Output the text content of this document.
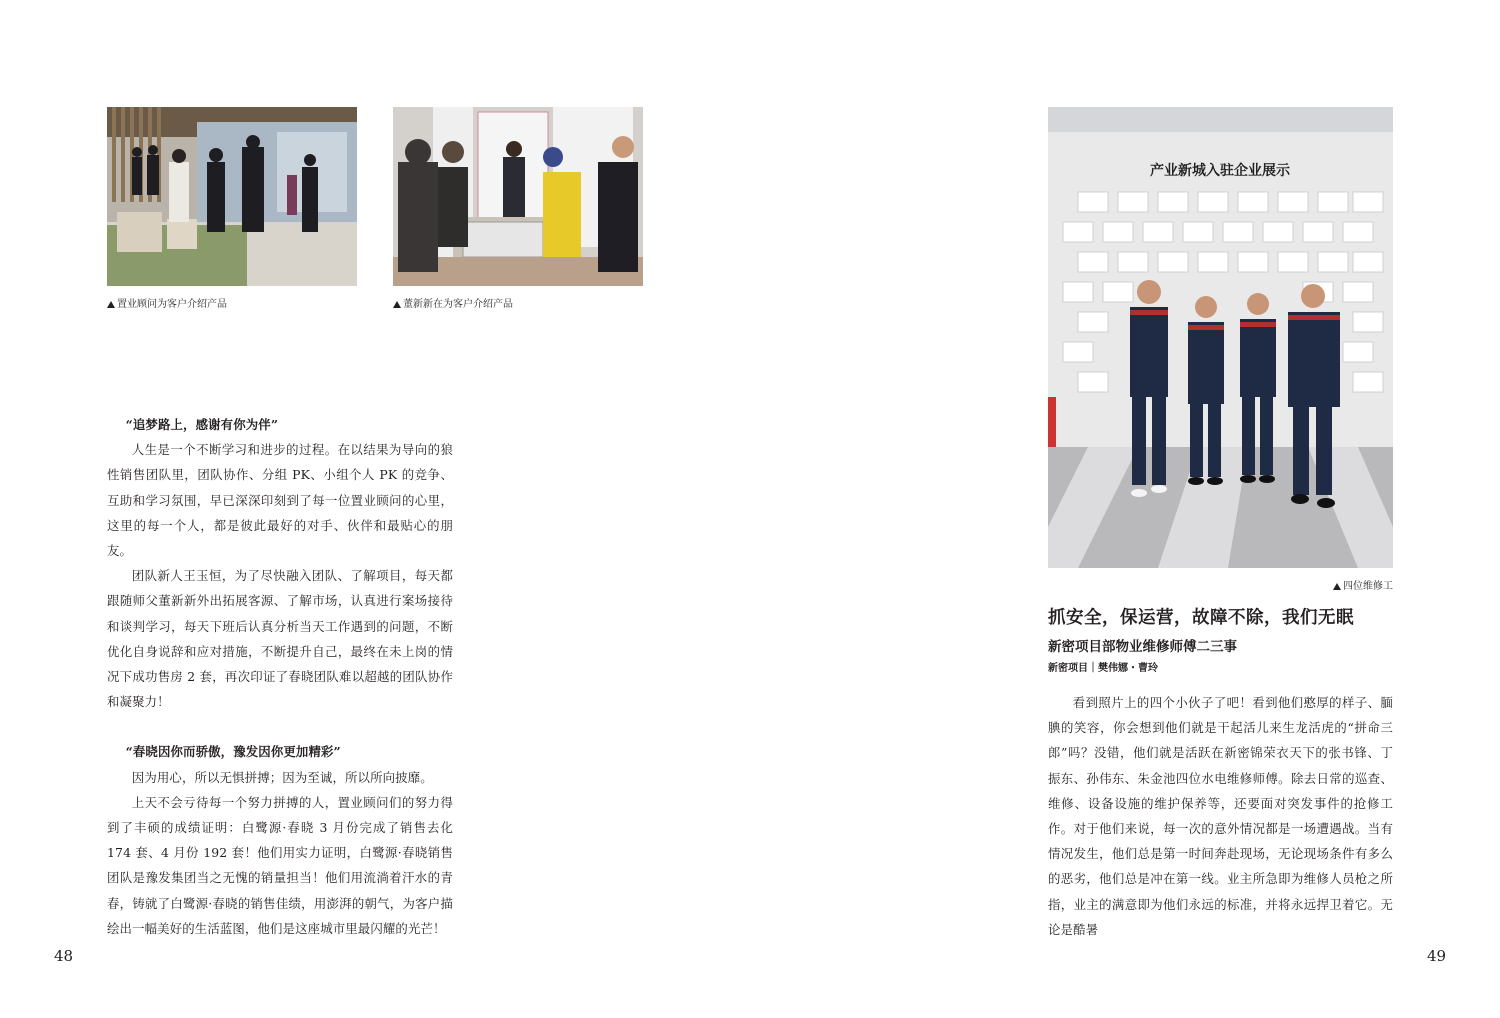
置业顾问为客户介绍产品	董新新在为客户介绍产品

“追梦路上，感谢有你为伴”

人生是一个不断学习和进步的过程。在以结果为导向的狼性销售团队里，团队协作、分组 PK、小组个人 PK 的竞争、互助和学习氛围，早已深深印刻到了每一位置业顾问的心里，这里的每一个人，都是彼此最好的对手、伙伴和最贴心的朋友。

团队新人王玉恒，为了尽快融入团队、了解项目，每天都跟随师父董新新外出拓展客源、了解市场，认真进行案场接待和谈判学习，每天下班后认真分析当天工作遇到的问题，不断优化自身说辞和应对措施，不断提升自己，最终在未上岗的情况下成功售房 2 套，再次印证了春晓团队难以超越的团队协作和凝聚力！

“春晓因你而骄傲，豫发因你更加精彩”

因为用心，所以无惧拼搏；因为至诚，所以所向披靡。

上天不会亏待每一个努力拼搏的人，置业顾问们的努力得到了丰硕的成绩证明：白鹭源·春晓 3 月份完成了销售去化 174 套、4 月份 192 套！他们用实力证明，白鹭源·春晓销售团队是豫发集团当之无愧的销量担当！他们用流淌着汗水的青春，铸就了白鹭源·春晓的销售佳绩，用澎湃的朝气，为客户描绘出一幅美好的生活蓝图，他们是这座城市里最闪耀的光芒！

48
产业新城入驻企业展示
四位维修工
抓安全，保运营，故障不除，我们无眠
新密项目部物业维修师傅二三事
新密项目｜樊伟娜・曹玲

看到照片上的四个小伙子了吧！看到他们憨厚的样子、腼腆的笑容，你会想到他们就是干起活儿来生龙活虎的“拼命三郎”吗？没错，他们就是活跃在新密锦荣衣天下的张书锋、丁振东、孙伟东、朱金池四位水电维修师傅。除去日常的巡查、维修、设备设施的维护保养等，还要面对突发事件的抢修工作。对于他们来说，每一次的意外情况都是一场遭遇战。当有情况发生，他们总是第一时间奔赴现场，无论现场条件有多么的恶劣，他们总是冲在第一线。业主所急即为维修人员枪之所指，业主的满意即为他们永远的标准，并将永远捍卫着它。无论是酷暑

49
